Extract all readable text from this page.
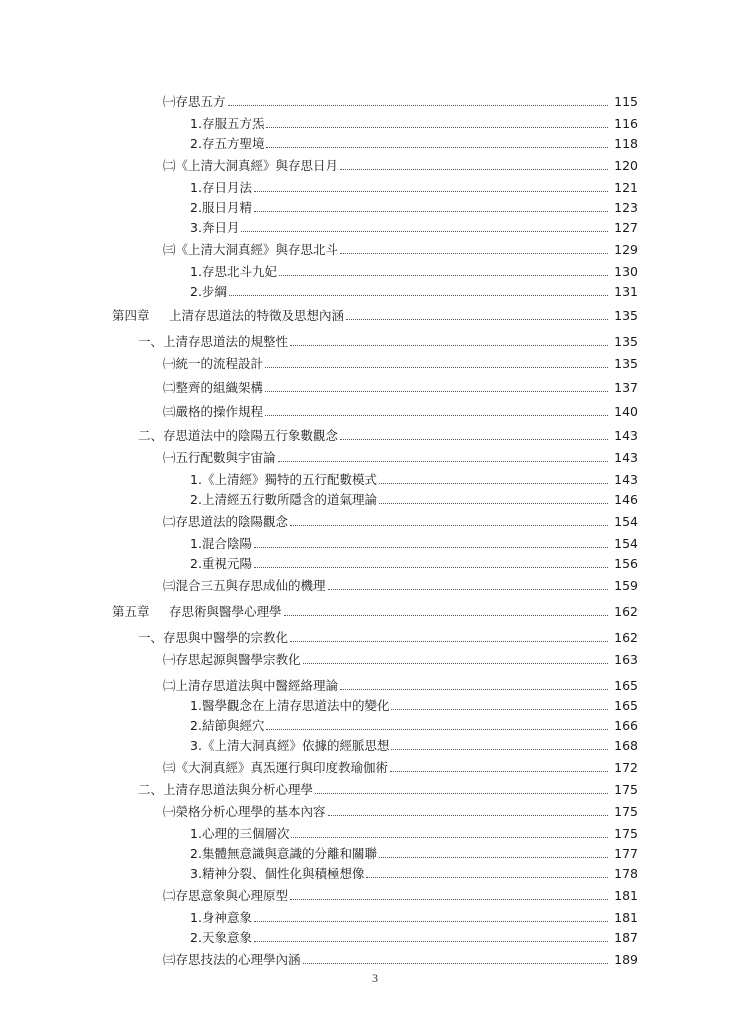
㈠ 存思五方	115
1. 存服五方炁	116
2. 存五方聖境	118
㈡ 《上清大洞真經》與存思日月	120
1. 存日月法	121
2. 服日月精	123
3. 奔日月	127
㈢ 《上清大洞真經》與存思北斗	129
1. 存思北斗九妃	130
2. 步綱	131
第四章	上清存思道法的特徵及思想內涵	135
一、 上清存思道法的規整性	135
㈠ 統一的流程設計	135
㈡ 整齊的組織架構	137
㈢ 嚴格的操作規程	140
二、 存思道法中的陰陽五行象數觀念	143
㈠ 五行配數與宇宙論	143
1. 《上清經》獨特的五行配數模式	143
2. 上清經五行數所隱含的道氣理論	146
㈡ 存思道法的陰陽觀念	154
1. 混合陰陽	154
2. 重視元陽	156
㈢ 混合三五與存思成仙的機理	159
第五章	存思術與醫學心理學	162
一、 存思與中醫學的宗教化	162
㈠ 存思起源與醫學宗教化	163
㈡ 上清存思道法與中醫經絡理論	165
1. 醫學觀念在上清存思道法中的變化	165
2. 結節與經穴	166
3. 《上清大洞真經》依據的經脈思想	168
㈢ 《大洞真經》真炁運行與印度教瑜伽術	172
二、 上清存思道法與分析心理學	175
㈠ 榮格分析心理學的基本內容	175
1. 心理的三個層次	175
2. 集體無意識與意識的分離和關聯	177
3. 精神分裂、個性化與積極想像	178
㈡ 存思意象與心理原型	181
1. 身神意象	181
2. 天象意象	187
㈢ 存思技法的心理學內涵	189
3
